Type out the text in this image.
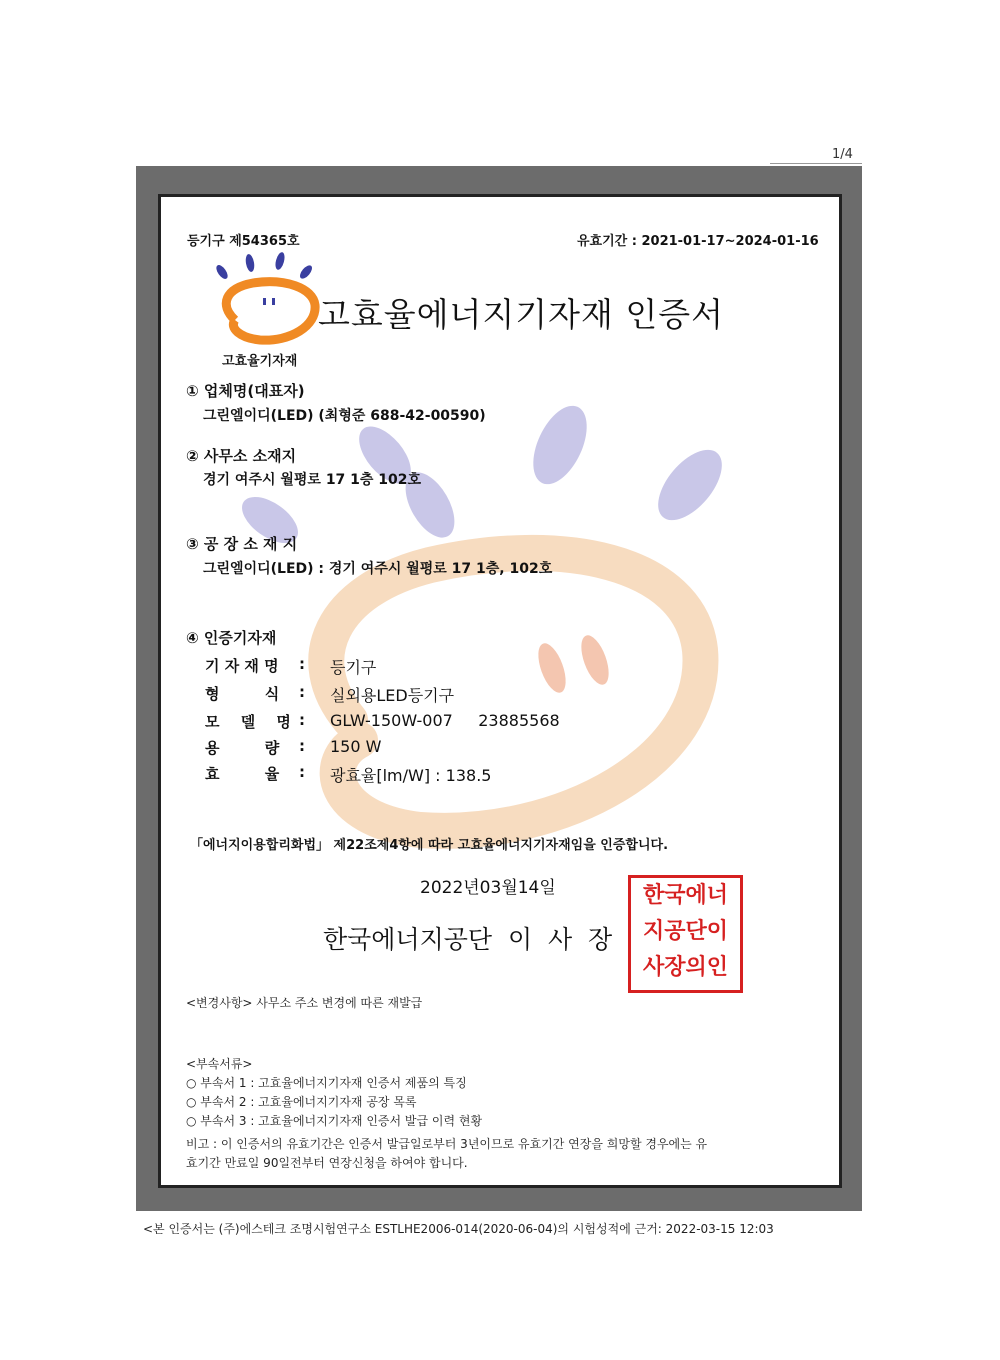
1/4
등기구 제54365호	유효기간 : 2021-01-17~2024-01-16
고효율기자재
고효율에너지기자재 인증서
① 업체명(대표자)
그린엘이디(LED) (최형준 688-42-00590)
② 사무소 소재지
경기 여주시 월평로 17 1층 102호
③ 공 장 소 재 지
그린엘이디(LED) : 경기 여주시 월평로 17 1층, 102호
④ 인증기자재
기 자 재 명 : 등기구
형 식 : 실외용LED등기구
모 델 명 : GLW-150W-007     23885568
용 량 : 150 W
효 율 : 광효율[lm/W] : 138.5
「에너지이용합리화법」 제22조제4항에 따라 고효율에너지기자재임을 인증합니다.
2022년03월14일
한국에너지공단  이  사  장
한국에너
지공단이
사장의인
<변경사항> 사무소 주소 변경에 따른 재발급
<부속서류>
○ 부속서 1 : 고효율에너지기자재 인증서 제품의 특징
○ 부속서 2 : 고효율에너지기자재 공장 목록
○ 부속서 3 : 고효율에너지기자재 인증서 발급 이력 현황
비고 : 이 인증서의 유효기간은 인증서 발급일로부터 3년이므로 유효기간 연장을 희망할 경우에는 유
효기간 만료일 90일전부터 연장신청을 하여야 합니다.
<본 인증서는 (주)에스테크 조명시험연구소 ESTLHE2006-014(2020-06-04)의 시험성적에 근거: 2022-03-15 12:03
